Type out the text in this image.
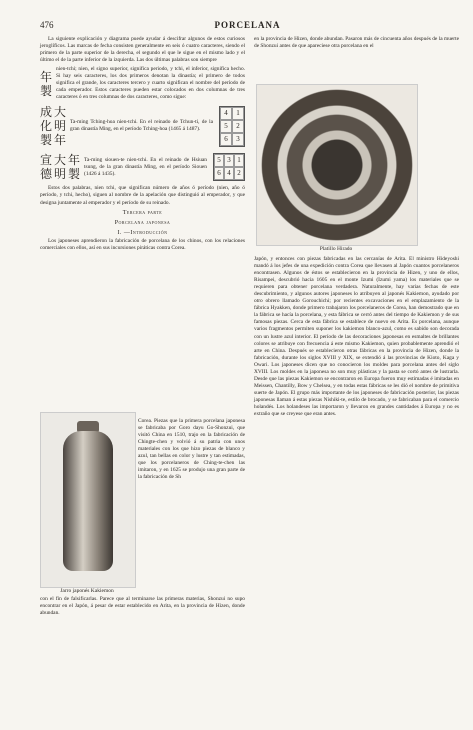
476	PORCELANA

La siguiente explicación y diagrama puede ayudar á descifrar algunos de estos curiosos jeroglíficos. Las marcas de fecha consisten generalmente en seis ó cuatro caracteres, siendo el primero de la parte superior de la derecha, el segundo el que le sigue en el mismo lado y el último el de la parte inferior de la izquierda. Las dos últimas palabras son siempre

年
製
nien-tchi; nien, el signo superior, significa periodo, y tchi, el inferior, significa hecho. Si hay seis caracteres, los dos primeros denotan la dinastía; el primero de todos significa el grande, los caracteres tercero y cuarto significan el nombre del período de cada emperador. Estos caracteres pueden estar colocados en dos columnas de tres caracteres ó en tres columnas de dos caracteres, como sigue:
成
化
製
大
明
年
Ta-ming Tching-hoa nien-tchi. En el reinado de Tchun-ti, de la gran dinastía Ming, en el período Tching-hoa (1465 á 1487).
4	1
5	2
6	3
宣
德
大
明
年
製
Ta-ming siouen-te nien-tchi. En el reinado de Hsiuan tsung, de la gran dinastía Ming, en el período Siouen (1426 á 1435).
5 3 1
6 4 2

Estos dos palabras, nien tchi, que significan número de años ó período (nien, año ó período, y tchi, hecho), siguen al nombre de la apelación que distinguió al emperador, y que designa juntamente al emperador y el período de su reinado.

Tercera parte
Porcelana japonesa
I. —Introducción

Los japoneses aprendieron la fabricación de porcelana de los chinos, con los relaciones comerciales con ellos, así en sus incursiones piráticas contra Corea.

Jarro japonés Kakiemon
Corea. Piezas que la primera porcelana japonesa se fabricaba por Goro dayu Go-Shonzui, que visitó China en 1510, trajo en la fabricación de Chingte-chen y volvió á su patria con unos materiales con los que hizo piezas de blanco y azul, tan bellas en color y lustre y tan estimadas, que los porcelaneros de Ching-te-chen las imitaron, y en 1625 se produjo una gran parte de la fabricación de Sh
con el fin de falsificarlas. Parece que al terminarse las primeras materias, Shonzui no supo encontrar en el Japón, á pesar de estar establecido en Arita, en la provincia de Hizen, donde abundan.
en la provincia de Hizen, donde abundan. Pasaron más de cincuenta años después de la muerte de Shonzui antes de que apareciese otra porcelana en el
Platillo Hirado
Japón, y entonces con piezas fabricadas en las cercanías de Arita. El ministro Hideyoshi mandó á los jefes de una expedición contra Corea que llevasen al Japón cuantos porcelaneros encontrasen. Algunos de éstos se establecieron en la provincia de Hizen, y uno de ellos, Risampei, descubrió hacia 1605 en el monte Izumi (Izumi yama) los materiales que se requieren para obtener porcelana verdadera. Naturalmente, hay varias fechas de este descubrimiento, y algunos autores japoneses lo atribuyen al japonés Kakiemon, ayudado por otro obrero llamado Gorouchichi; por recientes excavaciones en el emplazamiento de la fábrica Hyakken, donde primero trabajaron los porcelaneros de Corea, han demostrado que en la fábrica se hacía la porcelana, y esta fábrica se cerró antes del tiempo de Kakiemon y de sus famosas piezas. Cerca de esta fábrica se establece de nuevo en Arita. Es porcelana, aunque varios fragmentos permiten suponer los kakiemon blanco-azul, como es sabido son decorada con un lustre azul interior. El período de las decoraciones japonesas en esmaltes de brillantes colores se atribuye con frecuencia á este mismo Kakiemon, quien probablemente aprendió el arte en China. Después se establecieron otras fábricas en la provincia de Hizen, donde la fabricación, durante los siglos XVIII y XIX, se extendió á las provincias de Kioto, Kaga y Owari. Los japoneses dicen que no conocieron los moldes para porcelana antes del siglo XVIII. Los moldes en la japonesa no son muy plásticas y la pasta se cortó antes de lustrarla. Desde que las piezas Kakiemon se encontraron en Europa fueron muy estimadas é imitadas en Meissen, Chantilly, Bow y Chelsea, y en todas estas fábricas se les dió el nombre de primitiva suerte de Japón. El grupo más importante de los japoneses de fabricación posterior, las piezas japonesas llaman á estas piezas Nishiki-te, estilo de brocado, y se fabricaban para el comercio holandés. Los holandeses las importaron y llevaron en grandes cantidades á Europa y no es extraño que se creyese que eran antes.
